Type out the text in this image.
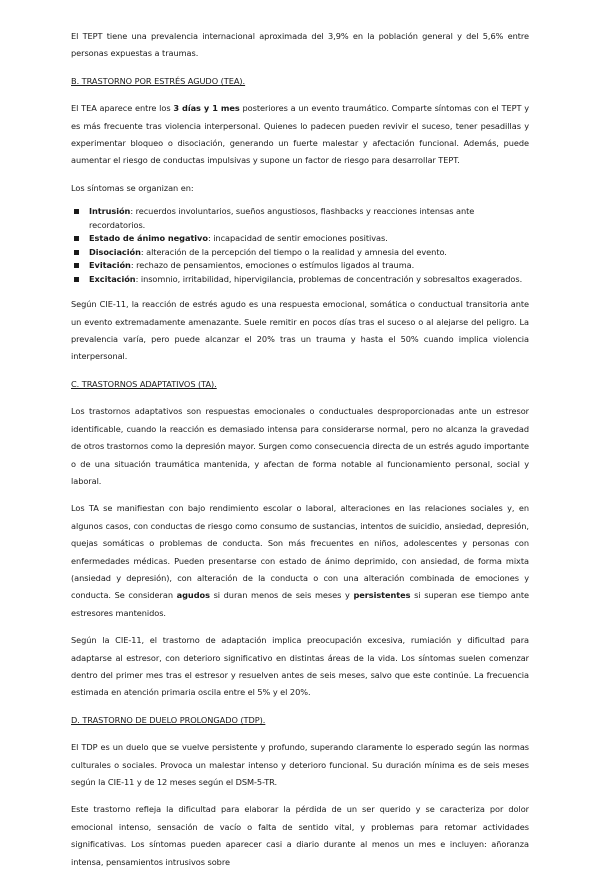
El TEPT tiene una prevalencia internacional aproximada del 3,9% en la población general y del 5,6% entre personas expuestas a traumas.

B. TRASTORNO POR ESTRÉS AGUDO (TEA).

El TEA aparece entre los 3 días y 1 mes posteriores a un evento traumático. Comparte síntomas con el TEPT y es más frecuente tras violencia interpersonal. Quienes lo padecen pueden revivir el suceso, tener pesadillas y experimentar bloqueo o disociación, generando un fuerte malestar y afectación funcional. Además, puede aumentar el riesgo de conductas impulsivas y supone un factor de riesgo para desarrollar TEPT.

Los síntomas se organizan en:

Intrusión: recuerdos involuntarios, sueños angustiosos, flashbacks y reacciones intensas ante recordatorios.
Estado de ánimo negativo: incapacidad de sentir emociones positivas.
Disociación: alteración de la percepción del tiempo o la realidad y amnesia del evento.
Evitación: rechazo de pensamientos, emociones o estímulos ligados al trauma.
Excitación: insomnio, irritabilidad, hipervigilancia, problemas de concentración y sobresaltos exagerados.

Según CIE-11, la reacción de estrés agudo es una respuesta emocional, somática o conductual transitoria ante un evento extremadamente amenazante. Suele remitir en pocos días tras el suceso o al alejarse del peligro. La prevalencia varía, pero puede alcanzar el 20% tras un trauma y hasta el 50% cuando implica violencia interpersonal.

C. TRASTORNOS ADAPTATIVOS (TA).

Los trastornos adaptativos son respuestas emocionales o conductuales desproporcionadas ante un estresor identificable, cuando la reacción es demasiado intensa para considerarse normal, pero no alcanza la gravedad de otros trastornos como la depresión mayor. Surgen como consecuencia directa de un estrés agudo importante o de una situación traumática mantenida, y afectan de forma notable al funcionamiento personal, social y laboral.

Los TA se manifiestan con bajo rendimiento escolar o laboral, alteraciones en las relaciones sociales y, en algunos casos, con conductas de riesgo como consumo de sustancias, intentos de suicidio, ansiedad, depresión, quejas somáticas o problemas de conducta. Son más frecuentes en niños, adolescentes y personas con enfermedades médicas. Pueden presentarse con estado de ánimo deprimido, con ansiedad, de forma mixta (ansiedad y depresión), con alteración de la conducta o con una alteración combinada de emociones y conducta. Se consideran agudos si duran menos de seis meses y persistentes si superan ese tiempo ante estresores mantenidos.

Según la CIE-11, el trastorno de adaptación implica preocupación excesiva, rumiación y dificultad para adaptarse al estresor, con deterioro significativo en distintas áreas de la vida. Los síntomas suelen comenzar dentro del primer mes tras el estresor y resuelven antes de seis meses, salvo que este continúe. La frecuencia estimada en atención primaria oscila entre el 5% y el 20%.

D. TRASTORNO DE DUELO PROLONGADO (TDP).

El TDP es un duelo que se vuelve persistente y profundo, superando claramente lo esperado según las normas culturales o sociales. Provoca un malestar intenso y deterioro funcional. Su duración mínima es de seis meses según la CIE-11 y de 12 meses según el DSM-5-TR.

Este trastorno refleja la dificultad para elaborar la pérdida de un ser querido y se caracteriza por dolor emocional intenso, sensación de vacío o falta de sentido vital, y problemas para retomar actividades significativas. Los síntomas pueden aparecer casi a diario durante al menos un mes e incluyen: añoranza intensa, pensamientos intrusivos sobre
